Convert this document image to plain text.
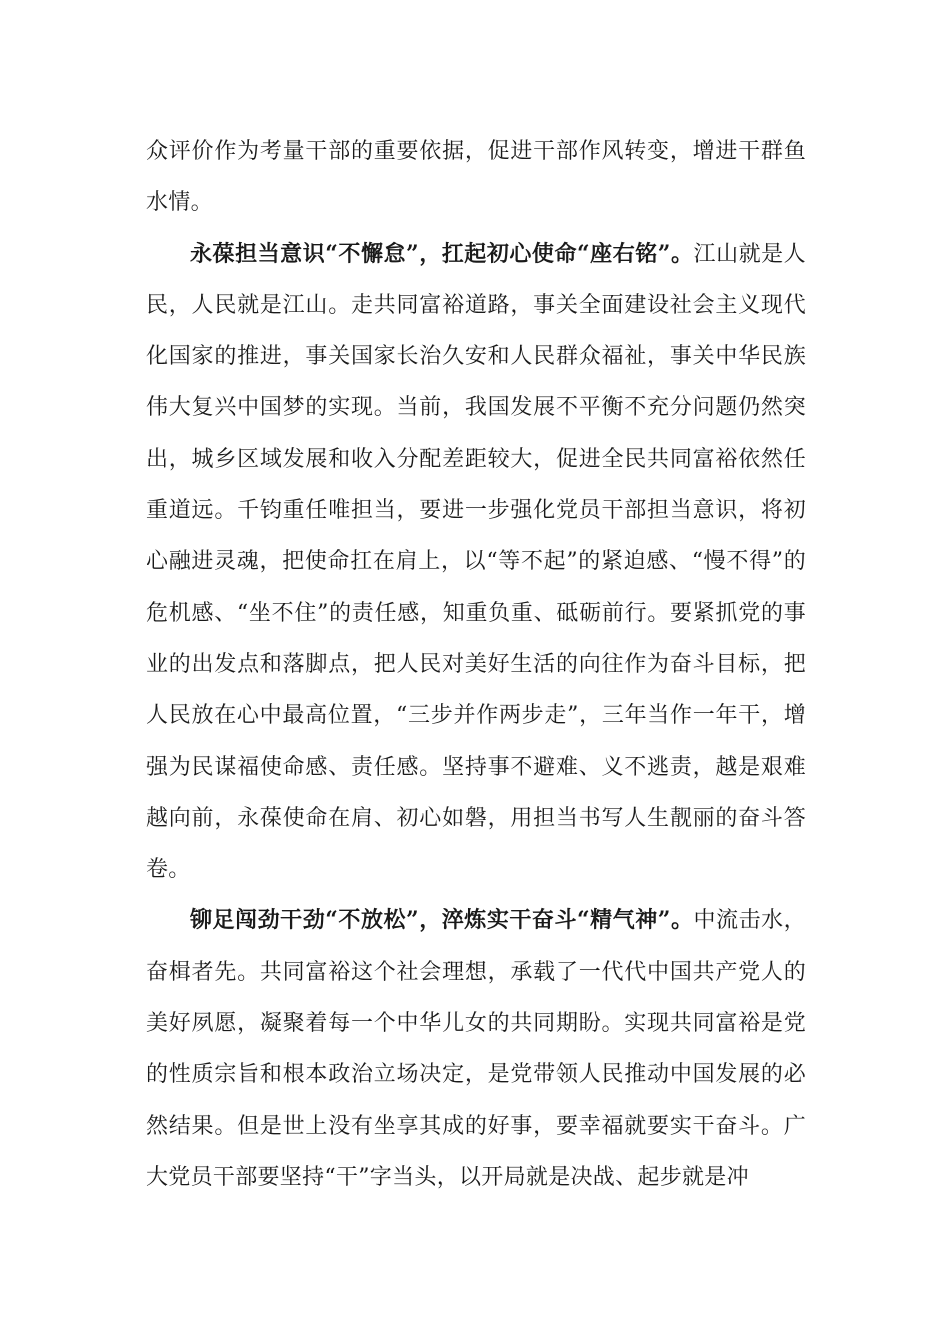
众评价作为考量干部的重要依据，促进干部作风转变，增进干群鱼水情。

永葆担当意识“不懈怠”，扛起初心使命“座右铭”。江山就是人民，人民就是江山。走共同富裕道路，事关全面建设社会主义现代化国家的推进，事关国家长治久安和人民群众福祉，事关中华民族伟大复兴中国梦的实现。当前，我国发展不平衡不充分问题仍然突出，城乡区域发展和收入分配差距较大，促进全民共同富裕依然任重道远。千钧重任唯担当，要进一步强化党员干部担当意识，将初心融进灵魂，把使命扛在肩上，以“等不起”的紧迫感、“慢不得”的危机感、“坐不住”的责任感，知重负重、砥砺前行。要紧抓党的事业的出发点和落脚点，把人民对美好生活的向往作为奋斗目标，把人民放在心中最高位置，“三步并作两步走”，三年当作一年干，增强为民谋福使命感、责任感。坚持事不避难、义不逃责，越是艰难越向前，永葆使命在肩、初心如磐，用担当书写人生靓丽的奋斗答卷。

铆足闯劲干劲“不放松”，淬炼实干奋斗“精气神”。中流击水，奋楫者先。共同富裕这个社会理想，承载了一代代中国共产党人的美好夙愿，凝聚着每一个中华儿女的共同期盼。实现共同富裕是党的性质宗旨和根本政治立场决定，是党带领人民推动中国发展的必然结果。但是世上没有坐享其成的好事，要幸福就要实干奋斗。广大党员干部要坚持“干”字当头，以开局就是决战、起步就是冲
